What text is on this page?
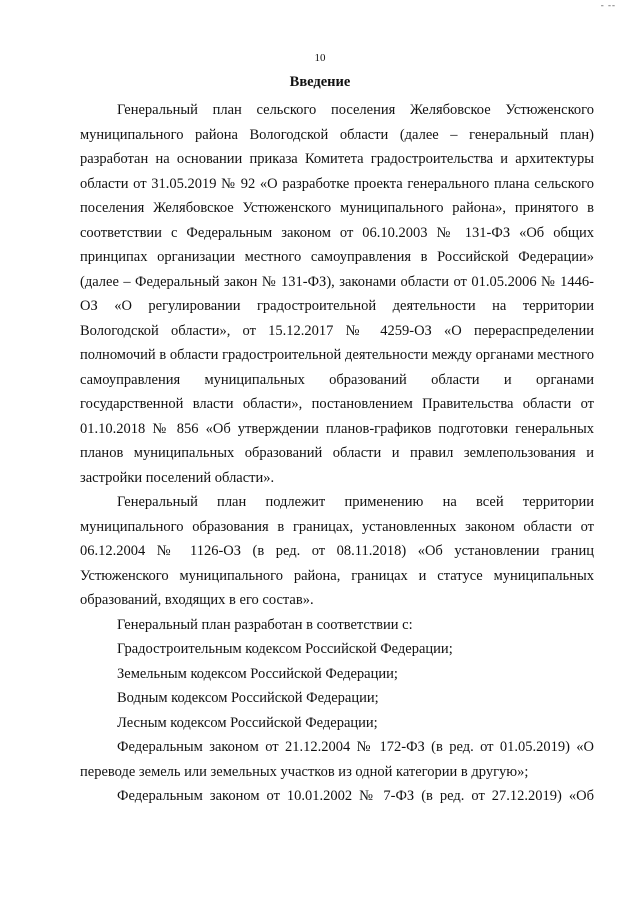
- --
10
Введение

Генеральный план сельского поселения Желябовское Устюженского муниципального района Вологодской области (далее – генеральный план) разработан на основании приказа Комитета градостроительства и архитектуры области от 31.05.2019 № 92 «О разработке проекта генерального плана сельского поселения Желябовское Устюженского муниципального района», принятого в соответствии с Федеральным законом от 06.10.2003 № 131-ФЗ «Об общих принципах организации местного самоуправления в Российской Федерации» (далее – Федеральный закон № 131-ФЗ), законами области от 01.05.2006 № 1446-ОЗ «О регулировании градостроительной деятельности на территории Вологодской области», от 15.12.2017 № 4259-ОЗ «О перераспределении полномочий в области градостроительной деятельности между органами местного самоуправления муниципальных образований области и органами государственной власти области», постановлением Правительства области от 01.10.2018 № 856 «Об утверждении планов-графиков подготовки генеральных планов муниципальных образований области и правил землепользования и застройки поселений области».

Генеральный план подлежит применению на всей территории муниципального образования в границах, установленных законом области от 06.12.2004 № 1126-ОЗ (в ред. от 08.11.2018) «Об установлении границ Устюженского муниципального района, границах и статусе муниципальных образований, входящих в его состав».

Генеральный план разработан в соответствии с:

Градостроительным кодексом Российской Федерации;

Земельным кодексом Российской Федерации;

Водным кодексом Российской Федерации;

Лесным кодексом Российской Федерации;

Федеральным законом от 21.12.2004 № 172-ФЗ (в ред. от 01.05.2019) «О переводе земель или земельных участков из одной категории в другую»;

Федеральным законом от 10.01.2002 № 7-ФЗ (в ред. от 27.12.2019) «Об
